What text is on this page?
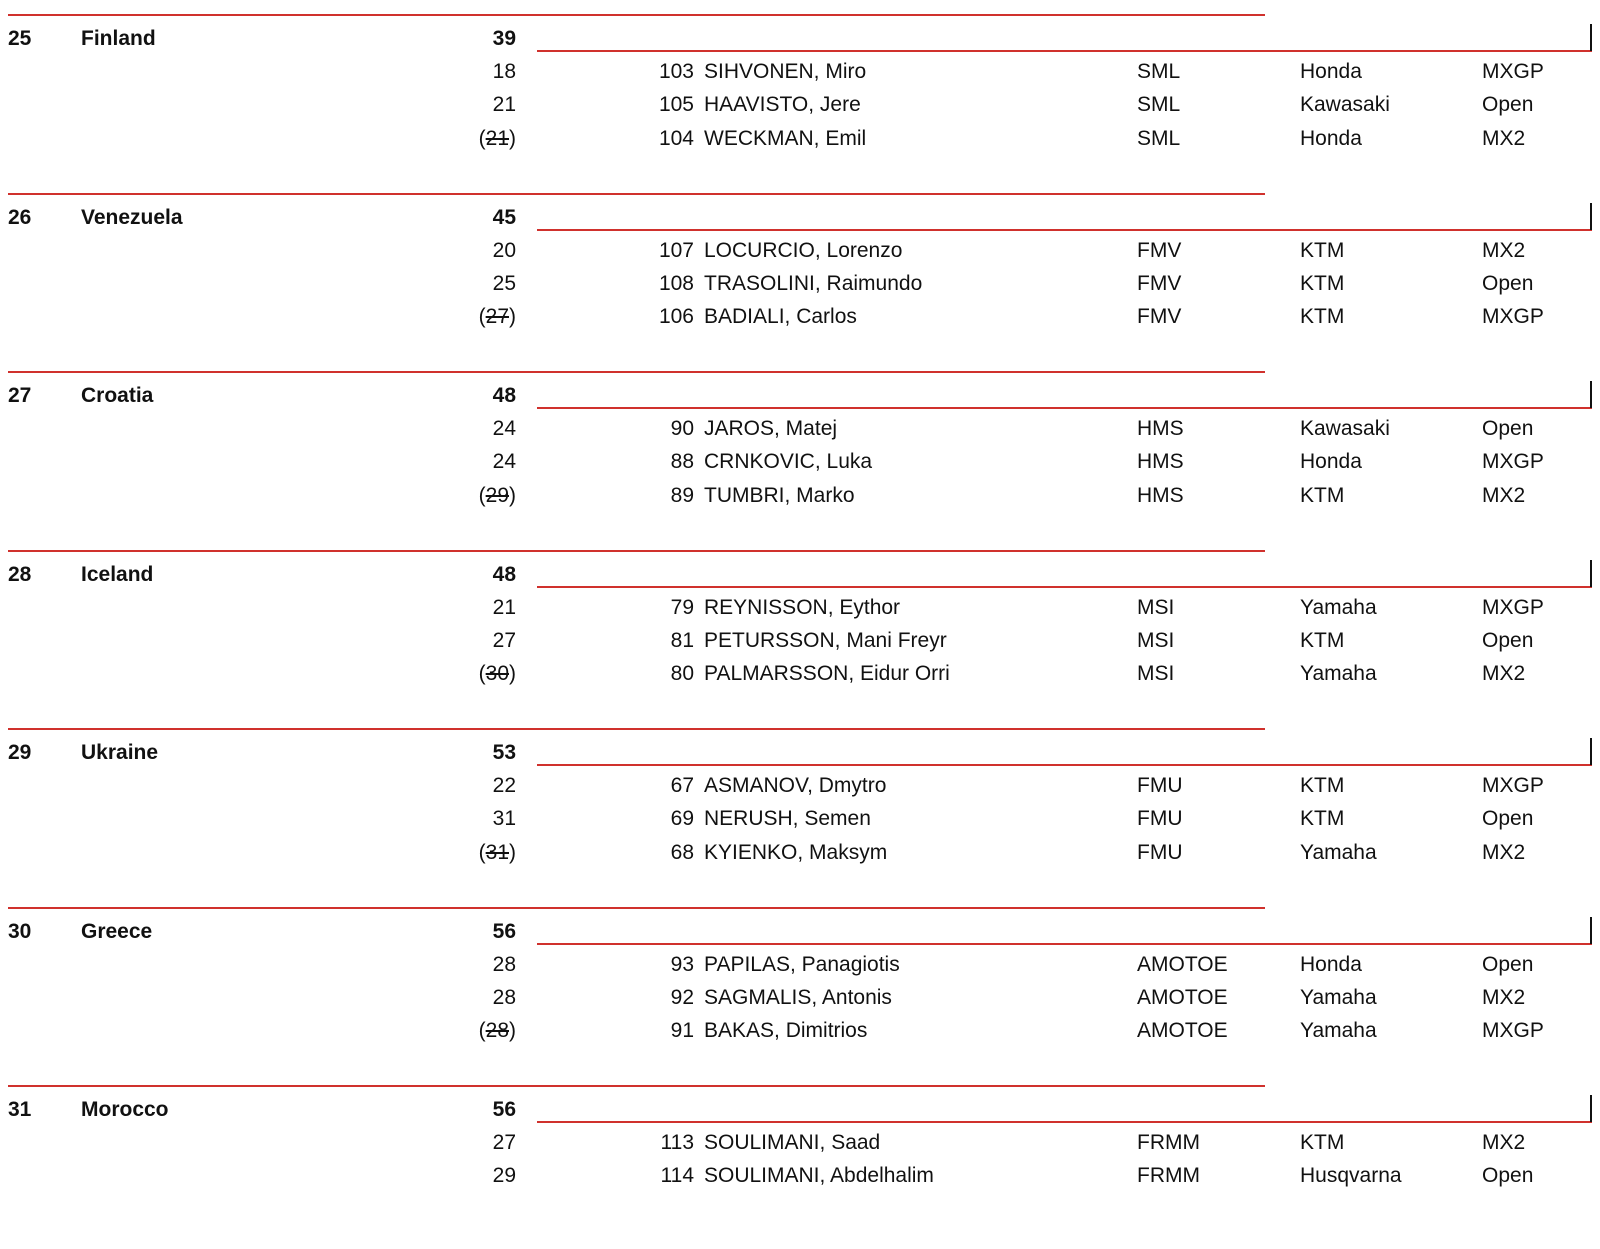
25 Finland	39
18	103 SIHVONEN, Miro	SML	Honda	MXGP
21	105 HAAVISTO, Jere	SML	Kawasaki	Open
(21)	104 WECKMAN, Emil	SML	Honda	MX2
26 Venezuela	45
20	107 LOCURCIO, Lorenzo	FMV	KTM	MX2
25	108 TRASOLINI, Raimundo	FMV	KTM	Open
(27)	106 BADIALI, Carlos	FMV	KTM	MXGP
27 Croatia	48
24	90 JAROS, Matej	HMS	Kawasaki	Open
24	88 CRNKOVIC, Luka	HMS	Honda	MXGP
(29)	89 TUMBRI, Marko	HMS	KTM	MX2
28 Iceland	48
21	79 REYNISSON, Eythor	MSI	Yamaha	MXGP
27	81 PETURSSON, Mani Freyr	MSI	KTM	Open
(30)	80 PALMARSSON, Eidur Orri	MSI	Yamaha	MX2
29 Ukraine	53
22	67 ASMANOV, Dmytro	FMU	KTM	MXGP
31	69 NERUSH, Semen	FMU	KTM	Open
(31)	68 KYIENKO, Maksym	FMU	Yamaha	MX2
30 Greece	56
28	93 PAPILAS, Panagiotis	AMOTOE	Honda	Open
28	92 SAGMALIS, Antonis	AMOTOE	Yamaha	MX2
(28)	91 BAKAS, Dimitrios	AMOTOE	Yamaha	MXGP
31 Morocco	56
27	113 SOULIMANI, Saad	FRMM	KTM	MX2
29	114 SOULIMANI, Abdelhalim	FRMM	Husqvarna	Open
